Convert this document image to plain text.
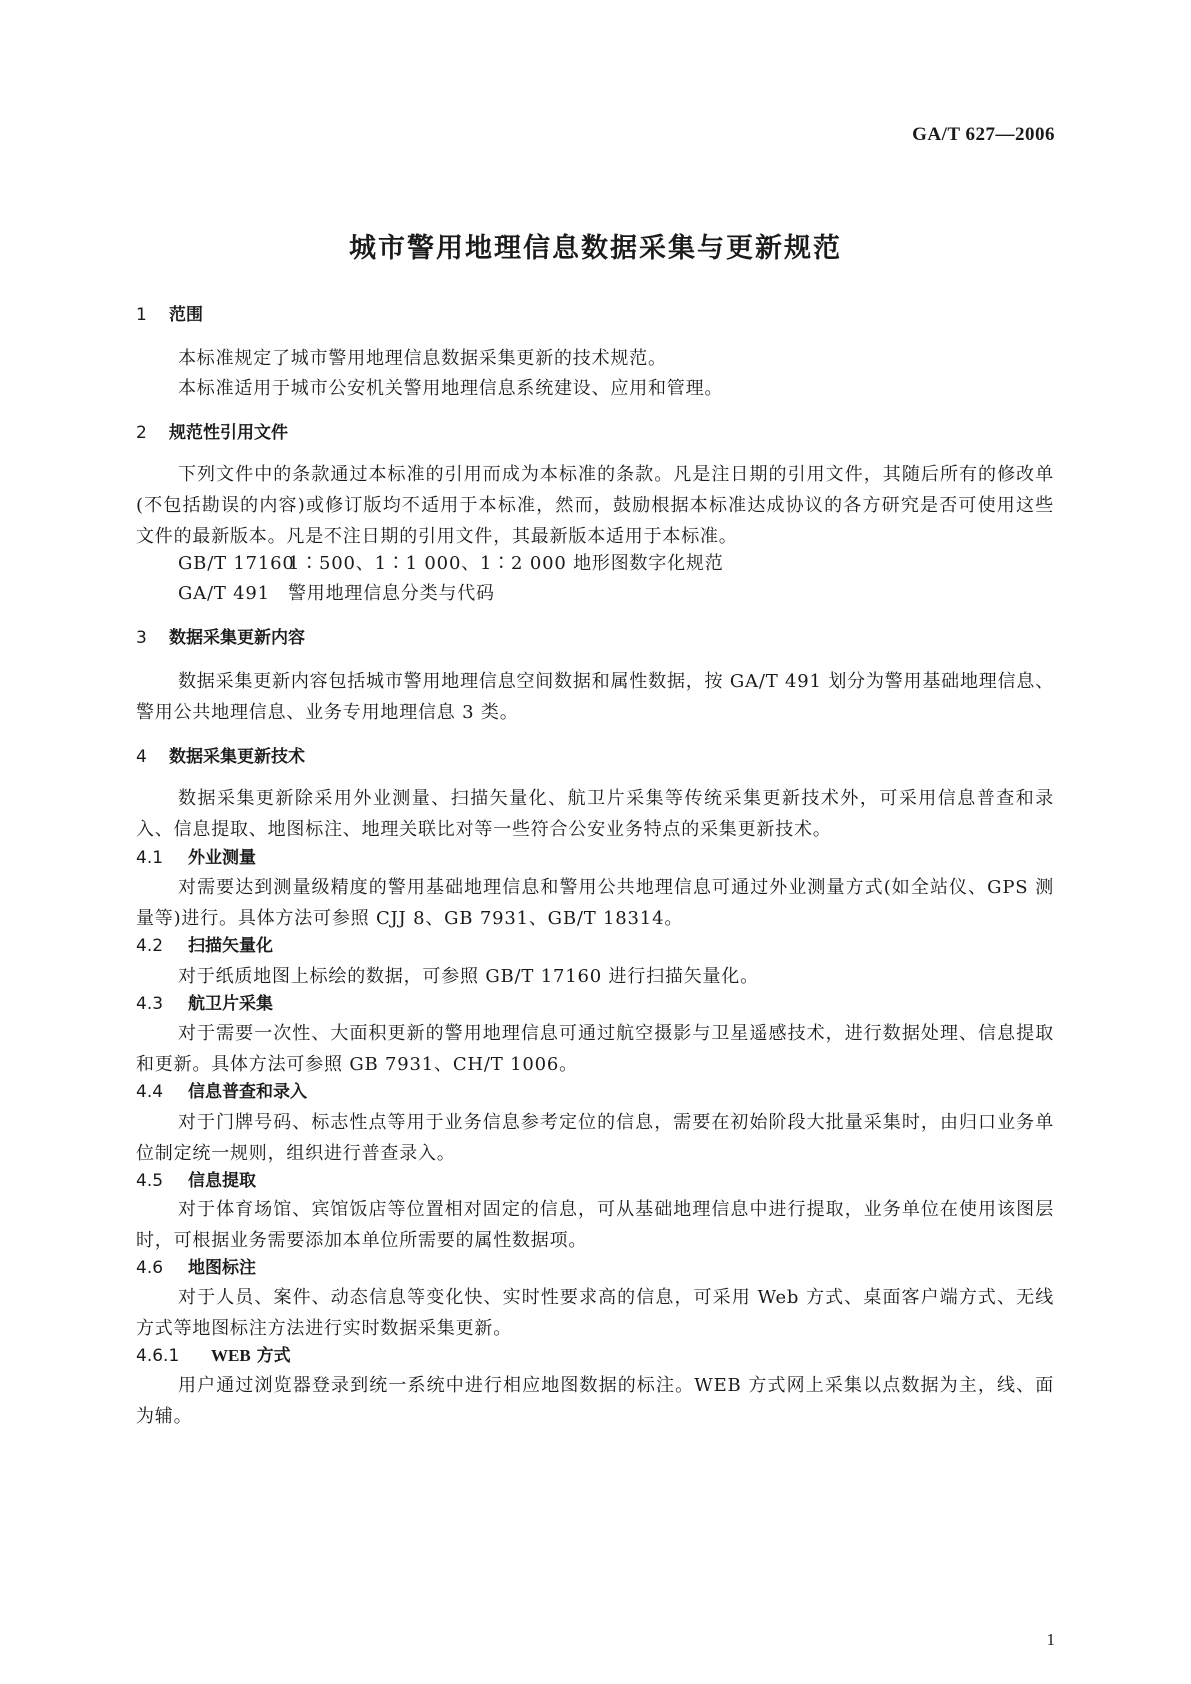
GA/T 627—2006
城市警用地理信息数据采集与更新规范
1 范围

本标准规定了城市警用地理信息数据采集更新的技术规范。

本标准适用于城市公安机关警用地理信息系统建设、应用和管理。

2 规范性引用文件

下列文件中的条款通过本标准的引用而成为本标准的条款。凡是注日期的引用文件，其随后所有的修改单(不包括勘误的内容)或修订版均不适用于本标准，然而，鼓励根据本标准达成协议的各方研究是否可使用这些文件的最新版本。凡是不注日期的引用文件，其最新版本适用于本标准。

GB/T 171601∶500、1∶1 000、1∶2 000 地形图数字化规范

GA/T 491 警用地理信息分类与代码

3 数据采集更新内容

数据采集更新内容包括城市警用地理信息空间数据和属性数据，按 GA/T 491 划分为警用基础地理信息、警用公共地理信息、业务专用地理信息 3 类。

4 数据采集更新技术

数据采集更新除采用外业测量、扫描矢量化、航卫片采集等传统采集更新技术外，可采用信息普查和录入、信息提取、地图标注、地理关联比对等一些符合公安业务特点的采集更新技术。

4.1 外业测量

对需要达到测量级精度的警用基础地理信息和警用公共地理信息可通过外业测量方式(如全站仪、GPS 测量等)进行。具体方法可参照 CJJ 8、GB 7931、GB/T 18314。

4.2 扫描矢量化

对于纸质地图上标绘的数据，可参照 GB/T 17160 进行扫描矢量化。

4.3 航卫片采集

对于需要一次性、大面积更新的警用地理信息可通过航空摄影与卫星遥感技术，进行数据处理、信息提取和更新。具体方法可参照 GB 7931、CH/T 1006。

4.4 信息普查和录入

对于门牌号码、标志性点等用于业务信息参考定位的信息，需要在初始阶段大批量采集时，由归口业务单位制定统一规则，组织进行普查录入。

4.5 信息提取

对于体育场馆、宾馆饭店等位置相对固定的信息，可从基础地理信息中进行提取，业务单位在使用该图层时，可根据业务需要添加本单位所需要的属性数据项。

4.6 地图标注

对于人员、案件、动态信息等变化快、实时性要求高的信息，可采用 Web 方式、桌面客户端方式、无线方式等地图标注方法进行实时数据采集更新。

4.6.1 WEB 方式

用户通过浏览器登录到统一系统中进行相应地图数据的标注。WEB 方式网上采集以点数据为主，线、面为辅。

1
